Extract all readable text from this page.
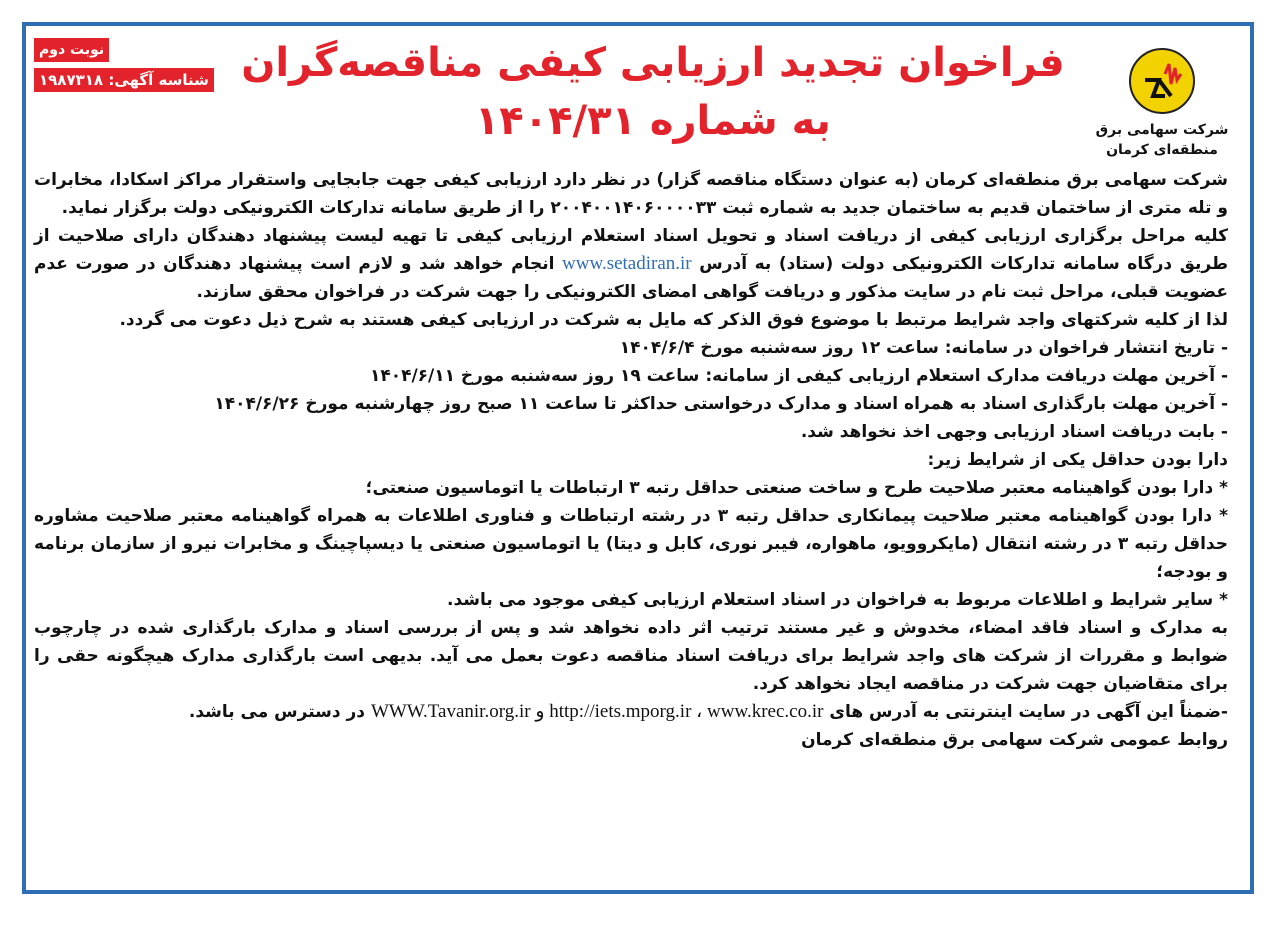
شرکت سهامی برق منطقه‌ای کرمان
فراخوان تجدید ارزیابی کیفی مناقصه‌گران
به شماره ۱۴۰۴/۳۱
نوبت دوم
شناسه آگهی: ۱۹۸۷۳۱۸

شرکت سهامی برق منطقه‌ای کرمان (به عنوان دستگاه مناقصه گزار) در نظر دارد ارزیابی کیفی جهت جابجایی واستقرار مراکز اسکادا، مخابرات و تله متری از ساختمان قدیم به ساختمان جدید به شماره ثبت ۲۰۰۴۰۰۱۴۰۶۰۰۰۰۳۳ را از طریق سامانه تدارکات الکترونیکی دولت برگزار نماید.

کلیه مراحل برگزاری ارزیابی کیفی از دریافت اسناد و تحویل اسناد استعلام ارزیابی کیفی تا تهیه لیست پیشنهاد دهندگان دارای صلاحیت از طریق درگاه سامانه تدارکات الکترونیکی دولت (ستاد) به آدرس www.setadiran.ir انجام خواهد شد و لازم است پیشنهاد دهندگان در صورت عدم عضویت قبلی، مراحل ثبت نام در سایت مذکور و دریافت گواهی امضای الکترونیکی را جهت شرکت در فراخوان محقق سازند.

لذا از کلیه شرکتهای واجد شرایط مرتبط با موضوع فوق الذکر که مایل به شرکت در ارزیابی کیفی هستند به شرح ذیل دعوت می گردد.

- تاریخ انتشار فراخوان در سامانه: ساعت ۱۲ روز سه‌شنبه مورخ ۱۴۰۴/۶/۴

- آخرین مهلت دریافت مدارک استعلام ارزیابی کیفی از سامانه: ساعت ۱۹ روز سه‌شنبه مورخ ۱۴۰۴/۶/۱۱

- آخرین مهلت بارگذاری اسناد به همراه اسناد و مدارک درخواستی حداکثر تا ساعت ۱۱ صبح روز چهارشنبه مورخ ۱۴۰۴/۶/۲۶

- بابت دریافت اسناد ارزیابی وجهی اخذ نخواهد شد.

دارا بودن حداقل یکی از شرایط زیر:

* دارا بودن گواهینامه معتبر صلاحیت طرح و ساخت صنعتی حداقل رتبه ۳ ارتباطات یا اتوماسیون صنعتی؛

* دارا بودن گواهینامه معتبر صلاحیت پیمانکاری حداقل رتبه ۳ در رشته ارتباطات و فناوری اطلاعات به همراه گواهینامه معتبر صلاحیت مشاوره حداقل رتبه ۳ در رشته انتقال (مایکروویو، ماهواره، فیبر نوری، کابل و دیتا) یا اتوماسیون صنعتی یا دیسپاچینگ و مخابرات نیرو از سازمان برنامه و بودجه؛

* سایر شرایط و اطلاعات مربوط به فراخوان در اسناد استعلام ارزیابی کیفی موجود می باشد.

به مدارک و اسناد فاقد امضاء، مخدوش و غیر مستند ترتیب اثر داده نخواهد شد و پس از بررسی اسناد و مدارک بارگذاری شده در چارچوب ضوابط و مقررات از شرکت های واجد شرایط برای دریافت اسناد مناقصه دعوت بعمل می آید. بدیهی است بارگذاری مدارک هیچگونه حقی را برای متقاضیان جهت شرکت در مناقصه ایجاد نخواهد کرد.

-ضمناً این آگهی در سایت اینترنتی به آدرس های http://iets.mporg.ir ، www.krec.co.ir و WWW.Tavanir.org.ir در دسترس می باشد.

روابط عمومی شرکت سهامی برق منطقه‌ای کرمان
